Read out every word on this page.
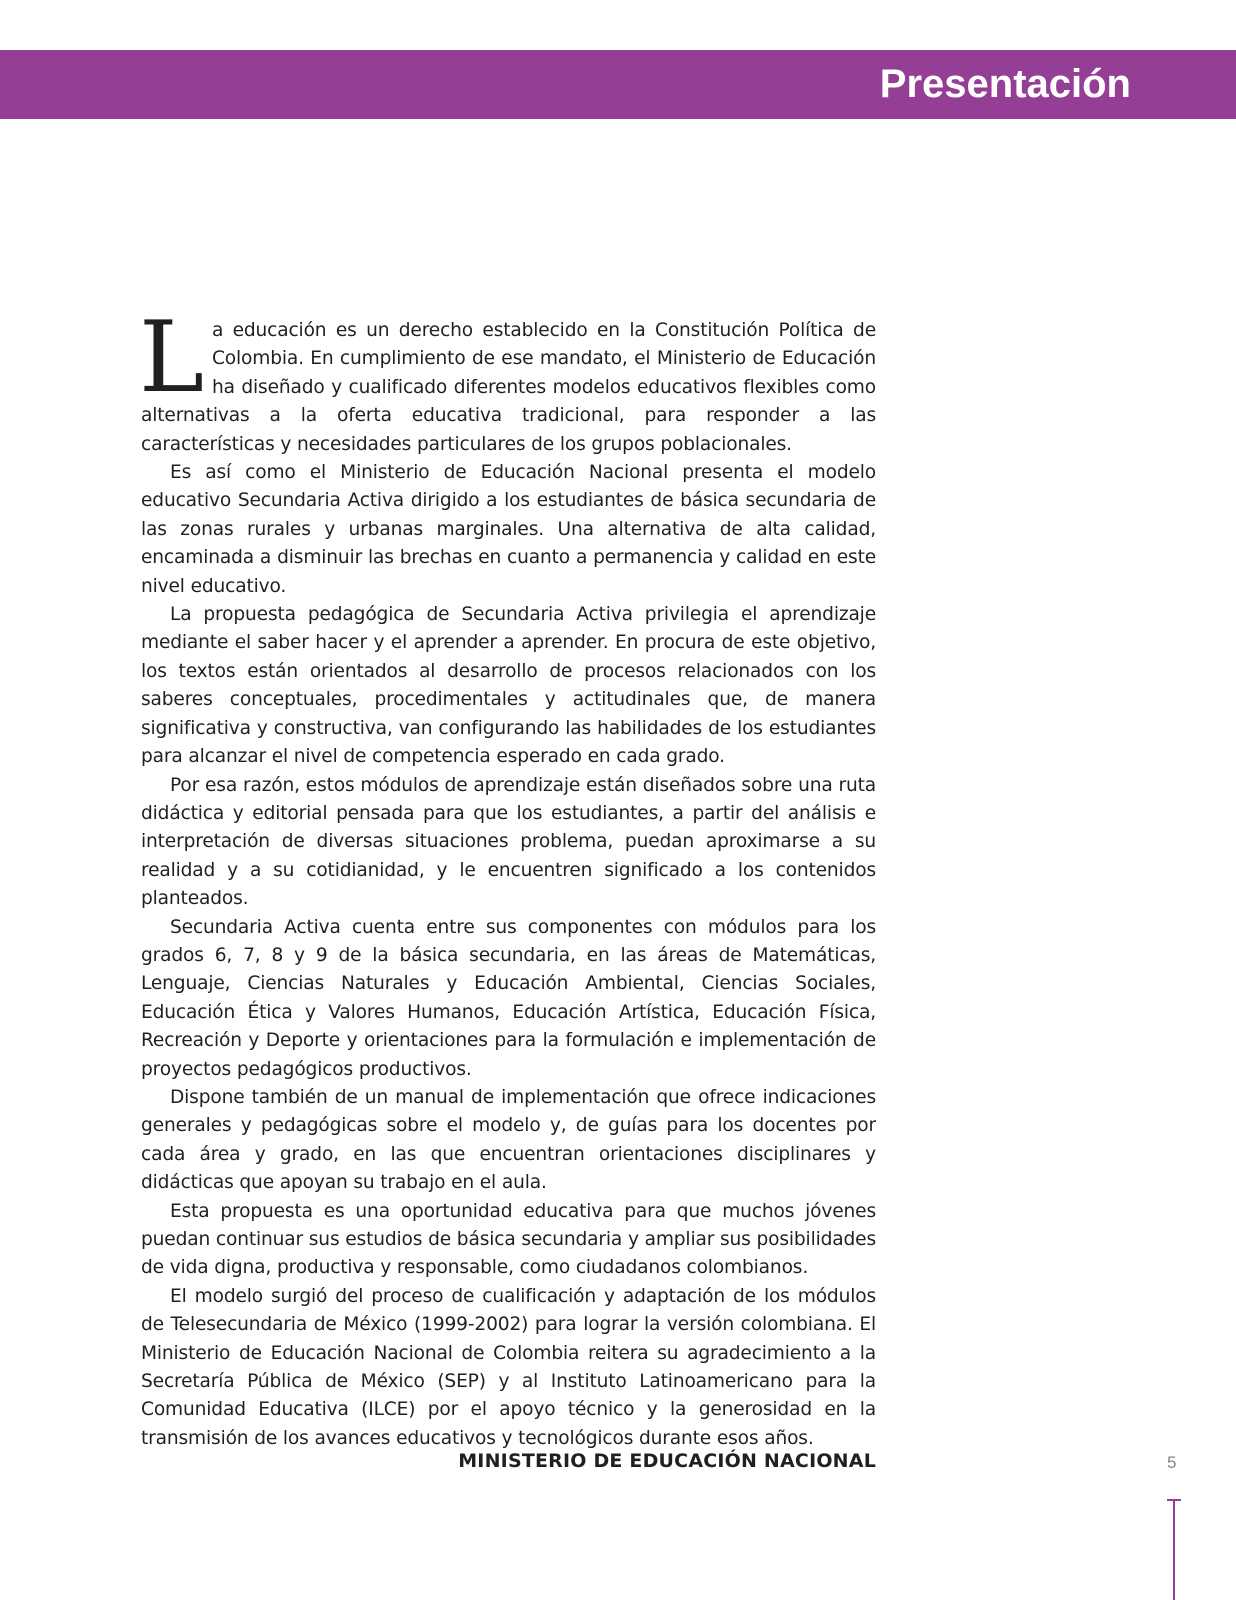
Presentación

La educación es un derecho establecido en la Constitución Política de Colombia. En cumplimiento de ese mandato, el Ministerio de Educación ha diseñado y cualificado diferentes modelos educativos flexibles como alternativas a la oferta educativa tradicional, para responder a las características y necesidades particulares de los grupos poblacionales.

Es así como el Ministerio de Educación Nacional presenta el modelo educativo Secundaria Activa dirigido a los estudiantes de básica secundaria de las zonas rurales y urbanas marginales. Una alternativa de alta calidad, encaminada a disminuir las brechas en cuanto a permanencia y calidad en este nivel educativo.

La propuesta pedagógica de Secundaria Activa privilegia el aprendizaje mediante el saber hacer y el aprender a aprender. En procura de este objetivo, los textos están orientados al desarrollo de procesos relacionados con los saberes conceptuales, procedimentales y actitudinales que, de manera significativa y constructiva, van configurando las habilidades de los estudiantes para alcanzar el nivel de competencia esperado en cada grado.

Por esa razón, estos módulos de aprendizaje están diseñados sobre una ruta didáctica y editorial pensada para que los estudiantes, a partir del análisis e interpretación de diversas situaciones problema, puedan aproximarse a su realidad y a su cotidianidad, y le encuentren significado a los contenidos planteados.

Secundaria Activa cuenta entre sus componentes con módulos para los grados 6, 7, 8 y 9 de la básica secundaria, en las áreas de Matemáticas, Lenguaje, Ciencias Naturales y Educación Ambiental, Ciencias Sociales, Educación Ética y Valores Humanos, Educación Artística, Educación Física, Recreación y Deporte y orientaciones para la formulación e implementación de proyectos pedagógicos productivos.

Dispone también de un manual de implementación que ofrece indicaciones generales y pedagógicas sobre el modelo y, de guías para los docentes por cada área y grado, en las que encuentran orientaciones disciplinares y didácticas que apoyan su trabajo en el aula.

Esta propuesta es una oportunidad educativa para que muchos jóvenes puedan continuar sus estudios de básica secundaria y ampliar sus posibilidades de vida digna, productiva y responsable, como ciudadanos colombianos.

El modelo surgió del proceso de cualificación y adaptación de los módulos de Telesecundaria de México (1999-2002) para lograr la versión colombiana. El Ministerio de Educación Nacional de Colombia reitera su agradecimiento a la Secretaría Pública de México (SEP) y al Instituto Latinoamericano para la Comunidad Educativa (ILCE) por el apoyo técnico y la generosidad en la transmisión de los avances educativos y tecnológicos durante esos años.

MINISTERIO DE EDUCACIÓN NACIONAL	5
